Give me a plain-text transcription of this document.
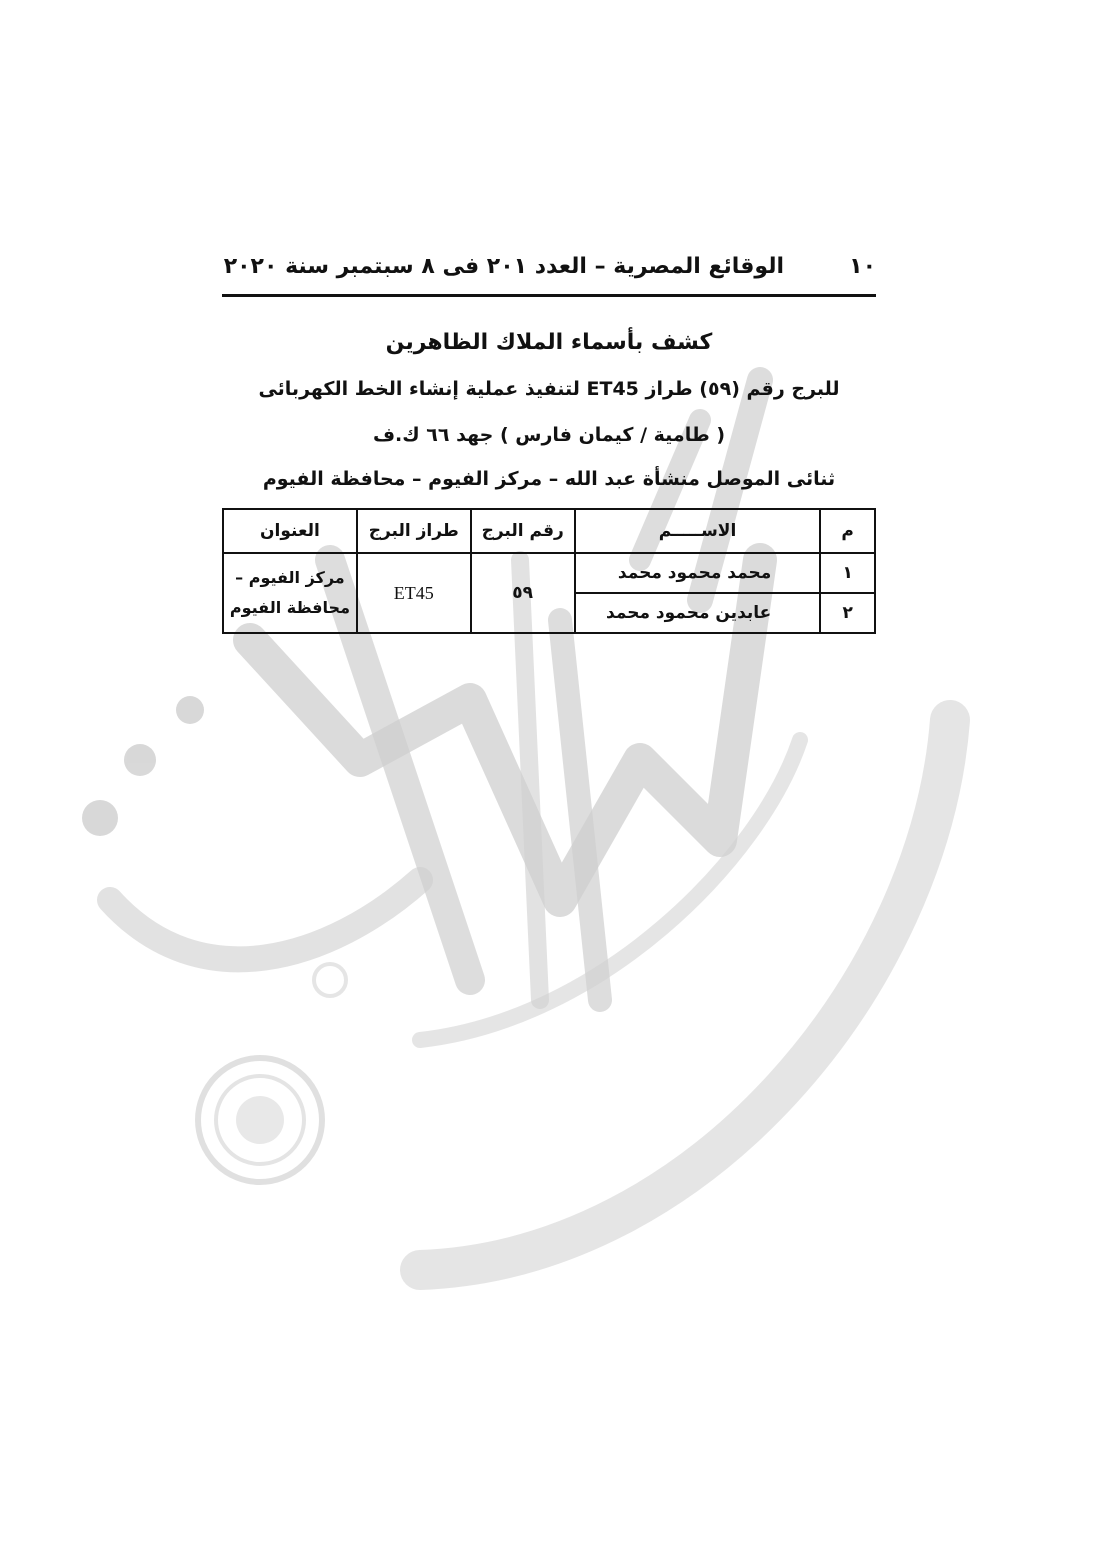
١٠
الوقائع المصرية – العدد ٢٠١ فى ٨ سبتمبر سنة ٢٠٢٠
كشف بأسماء الملاك الظاهرين
للبرج رقم (٥٩) طراز ET45 لتنفيذ عملية إنشاء الخط الكهربائى
( طامية / كيمان فارس ) جهد ٦٦ ك.ف
ثنائى الموصل منشأة عبد الله – مركز الفيوم – محافظة الفيوم
م	الاســـــم	رقم البرج	طراز البرج	العنوان
١	محمد محمود محمد	٥٩	ET45	مركز الفيوم –
محافظة الفيوم

٢	عابدين محمود محمد			
